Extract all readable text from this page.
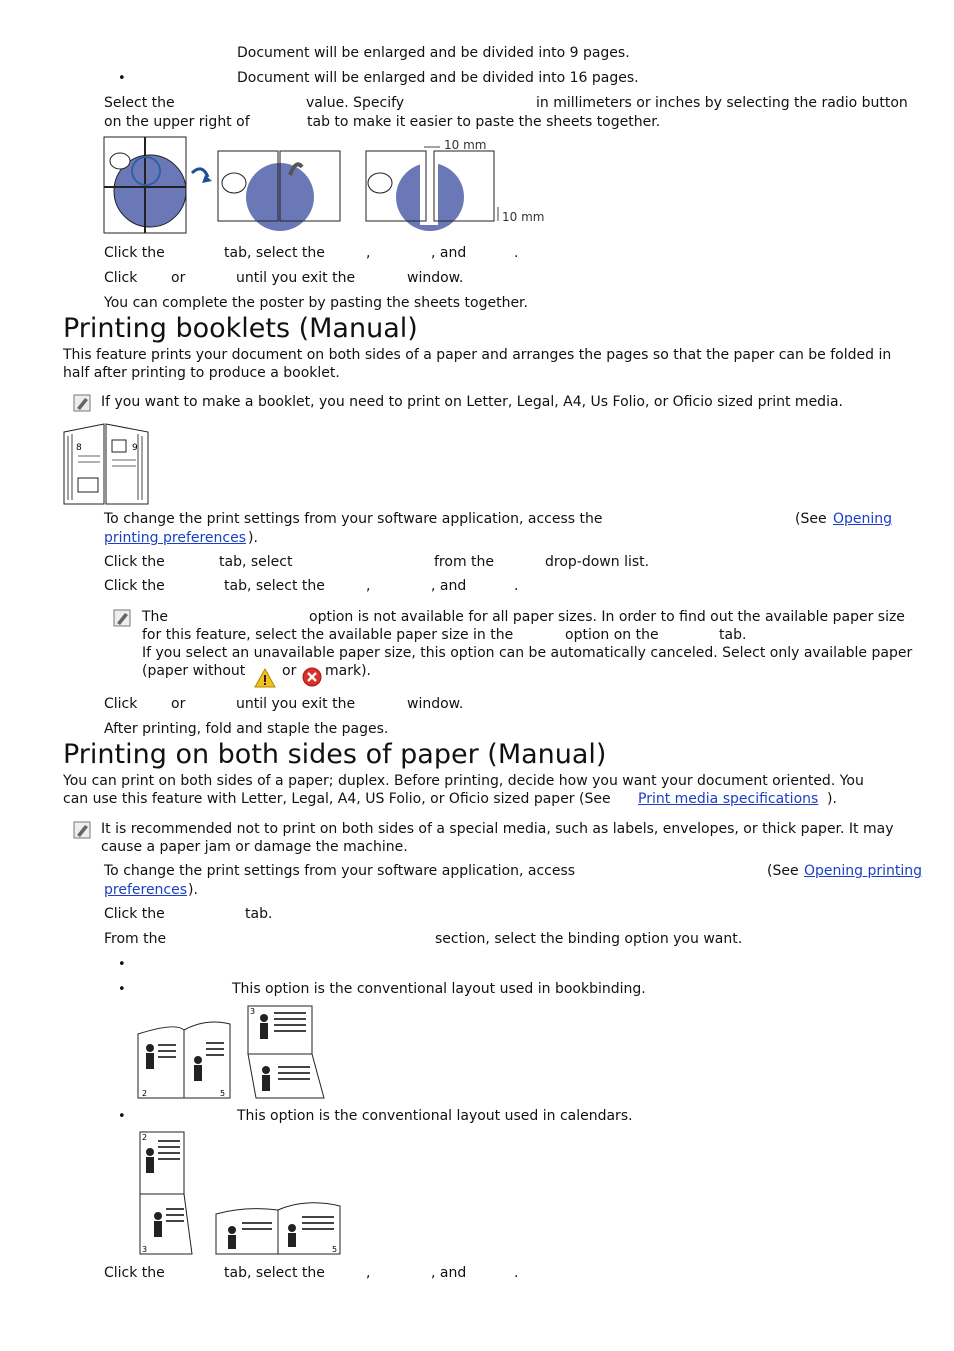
Document will be enlarged and be divided into 9 pages.
•	Document will be enlarged and be divided into 16 pages.
Select the	value. Specify	in millimeters or inches by selecting the radio button
on the upper right of	tab to make it easier to paste the sheets together.
10 mm
10 mm
Click the	tab, select the	,	, and	.
Click or	until you exit the	window.
You can complete the poster by pasting the sheets together.
Printing booklets (Manual)
This feature prints your document on both sides of a paper and arranges the pages so that the paper can be folded in half after printing to produce a booklet.
If you want to make a booklet, you need to print on Letter, Legal, A4, Us Folio, or Oficio sized print media.
8	9
To change the print settings from your software application, access the	(See Opening
printing preferences ).
Click the	tab, select	from the	drop-down list.
Click the	tab, select the	,	, and	.
The	option is not available for all paper sizes. In order to find out the available paper size
for this feature, select the available paper size in the	option on the	tab.
If you select an unavailable paper size, this option can be automatically canceled. Select only available paper
(paper without	or mark).
Click or	until you exit the	window.
After printing, fold and staple the pages.
Printing on both sides of paper (Manual)
You can print on both sides of a paper; duplex. Before printing, decide how you want your document oriented. You
can use this feature with Letter, Legal, A4, US Folio, or Oficio sized paper (See Print media specifications ).
It is recommended not to print on both sides of a special media, such as labels, envelopes, or thick paper. It may cause a paper jam or damage the machine.
To change the print settings from your software application, access	(See Opening printing
preferences ).
Click the	tab.
From the	section, select the binding option you want.
•
•	This option is the conventional layout used in bookbinding.
2	5
3
•	This option is the conventional layout used in calendars.
2
3	5
Click the	tab, select the	,	, and	.
